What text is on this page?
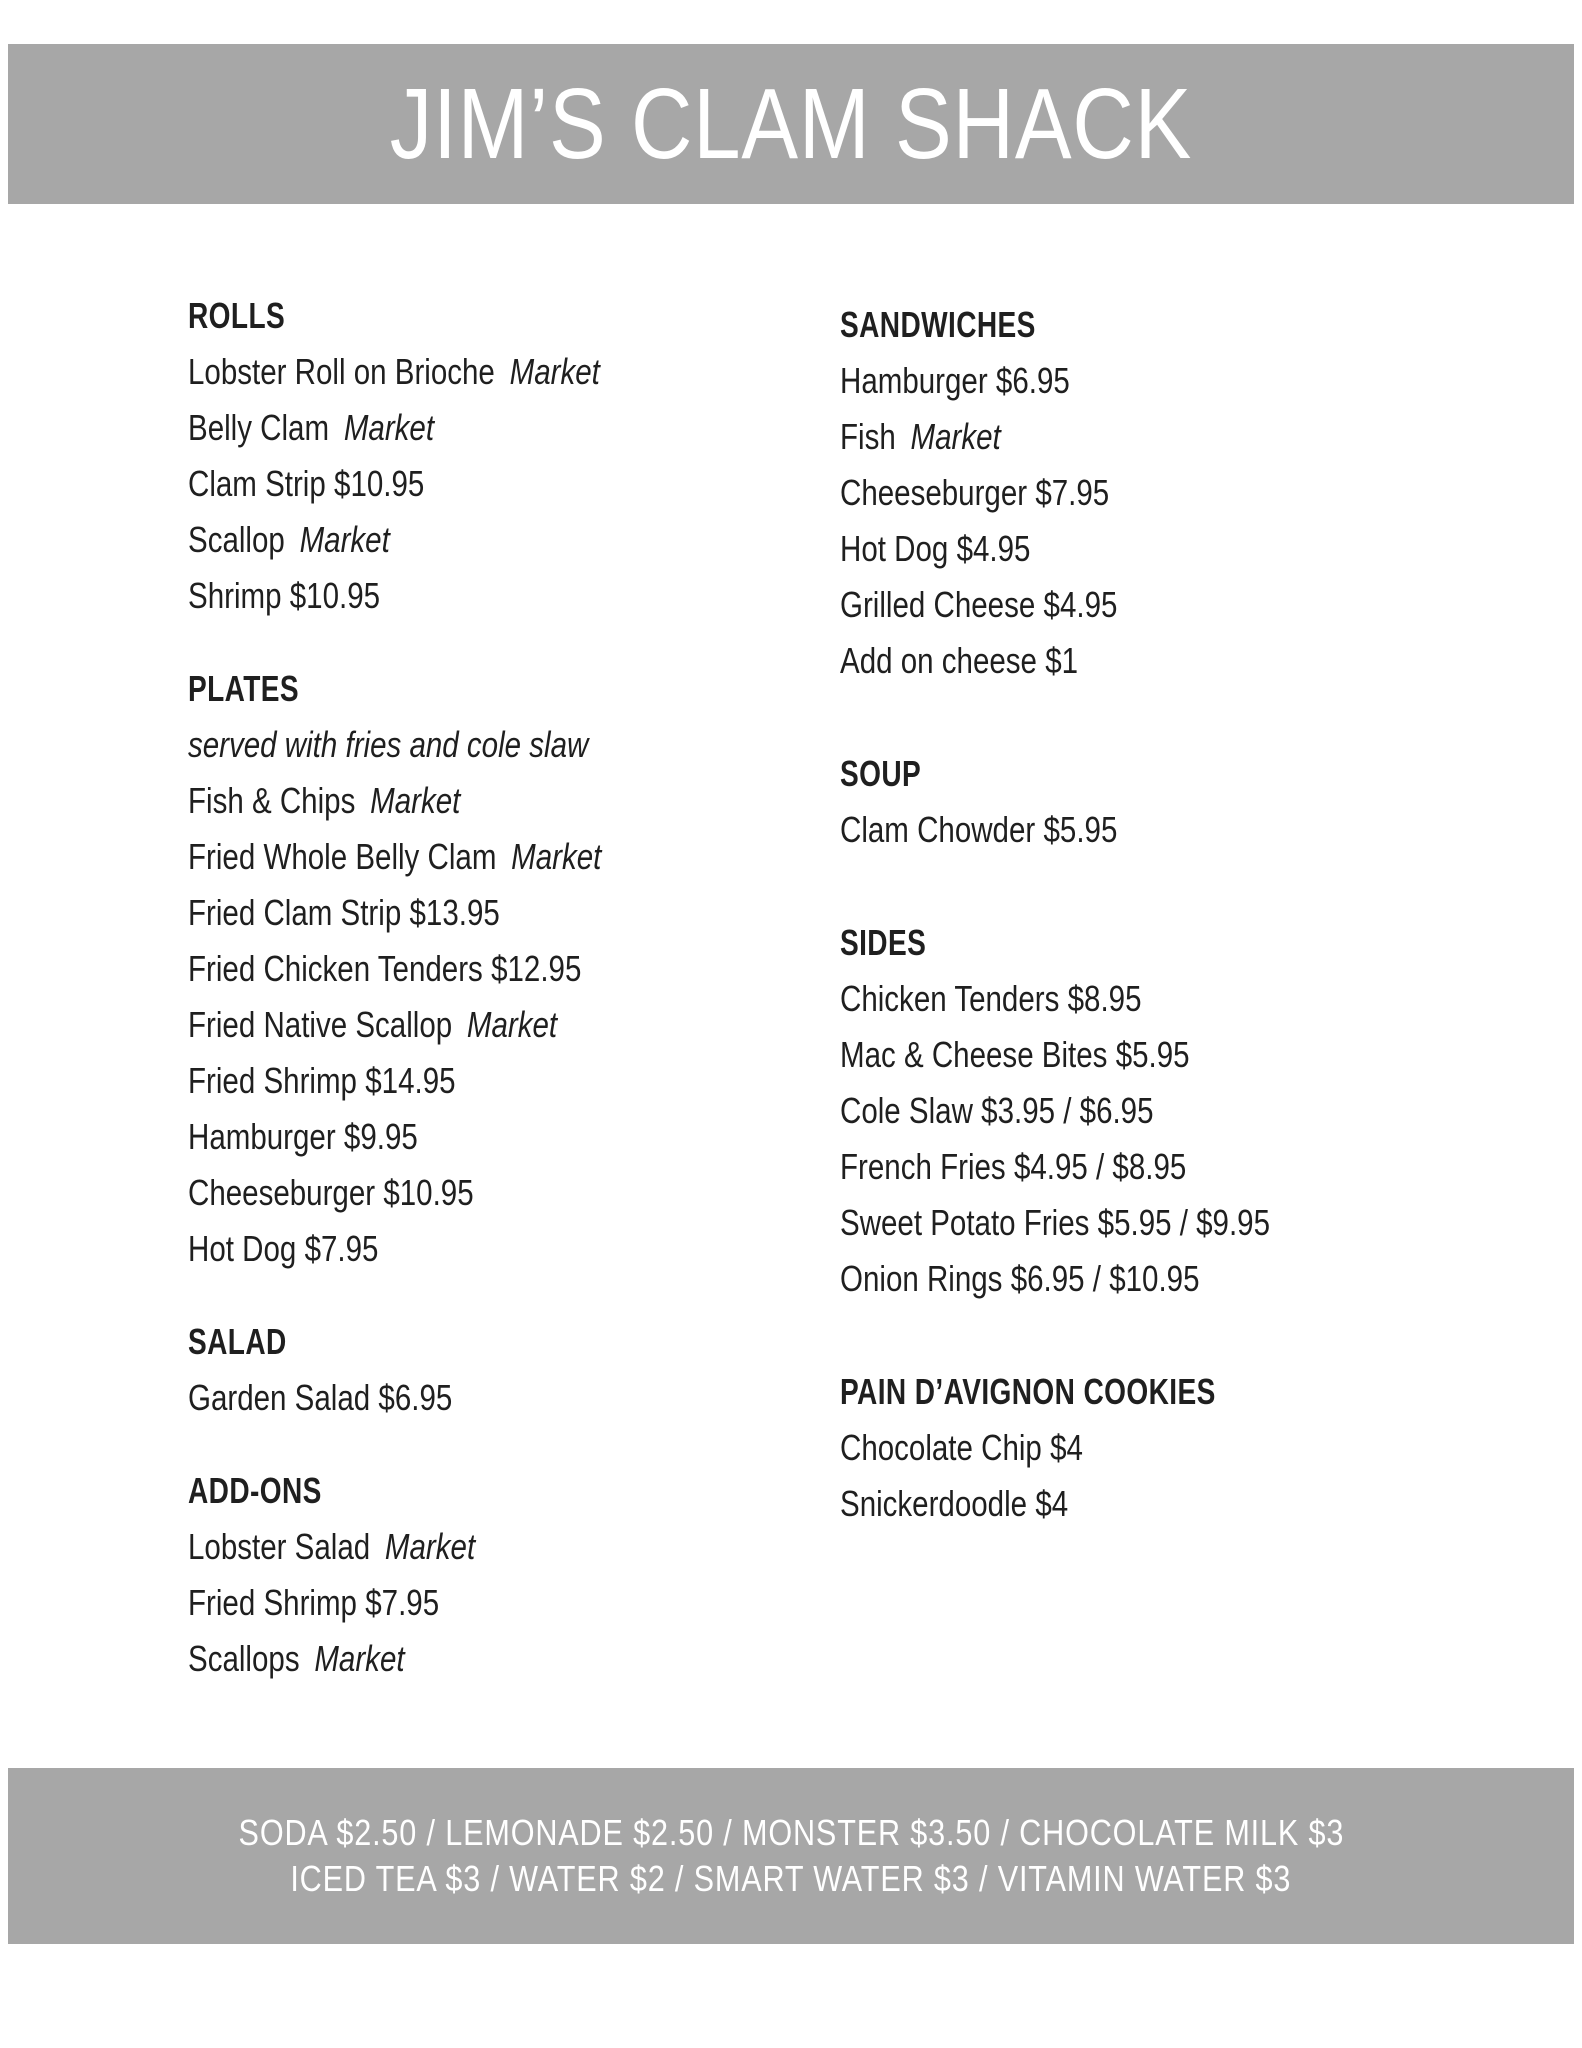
JIM’S CLAM SHACK
ROLLS
Lobster Roll on Brioche Market
Belly Clam Market
Clam Strip $10.95
Scallop Market
Shrimp $10.95
PLATES

served with fries and cole slaw

Fish & Chips Market
Fried Whole Belly Clam Market
Fried Clam Strip $13.95
Fried Chicken Tenders $12.95
Fried Native Scallop Market
Fried Shrimp $14.95
Hamburger $9.95
Cheeseburger $10.95
Hot Dog $7.95
SALAD
Garden Salad $6.95
ADD-ONS
Lobster Salad Market
Fried Shrimp $7.95
Scallops Market
SANDWICHES
Hamburger $6.95
Fish Market
Cheeseburger $7.95
Hot Dog $4.95
Grilled Cheese $4.95
Add on cheese $1
SOUP
Clam Chowder $5.95
SIDES
Chicken Tenders $8.95
Mac & Cheese Bites $5.95
Cole Slaw $3.95 / $6.95
French Fries $4.95 / $8.95
Sweet Potato Fries $5.95 / $9.95
Onion Rings $6.95 / $10.95
PAIN D’AVIGNON COOKIES
Chocolate Chip $4
Snickerdoodle $4
SODA $2.50 / LEMONADE $2.50 / MONSTER $3.50 / CHOCOLATE MILK $3
ICED TEA $3 / WATER $2 / SMART WATER $3 / VITAMIN WATER $3
